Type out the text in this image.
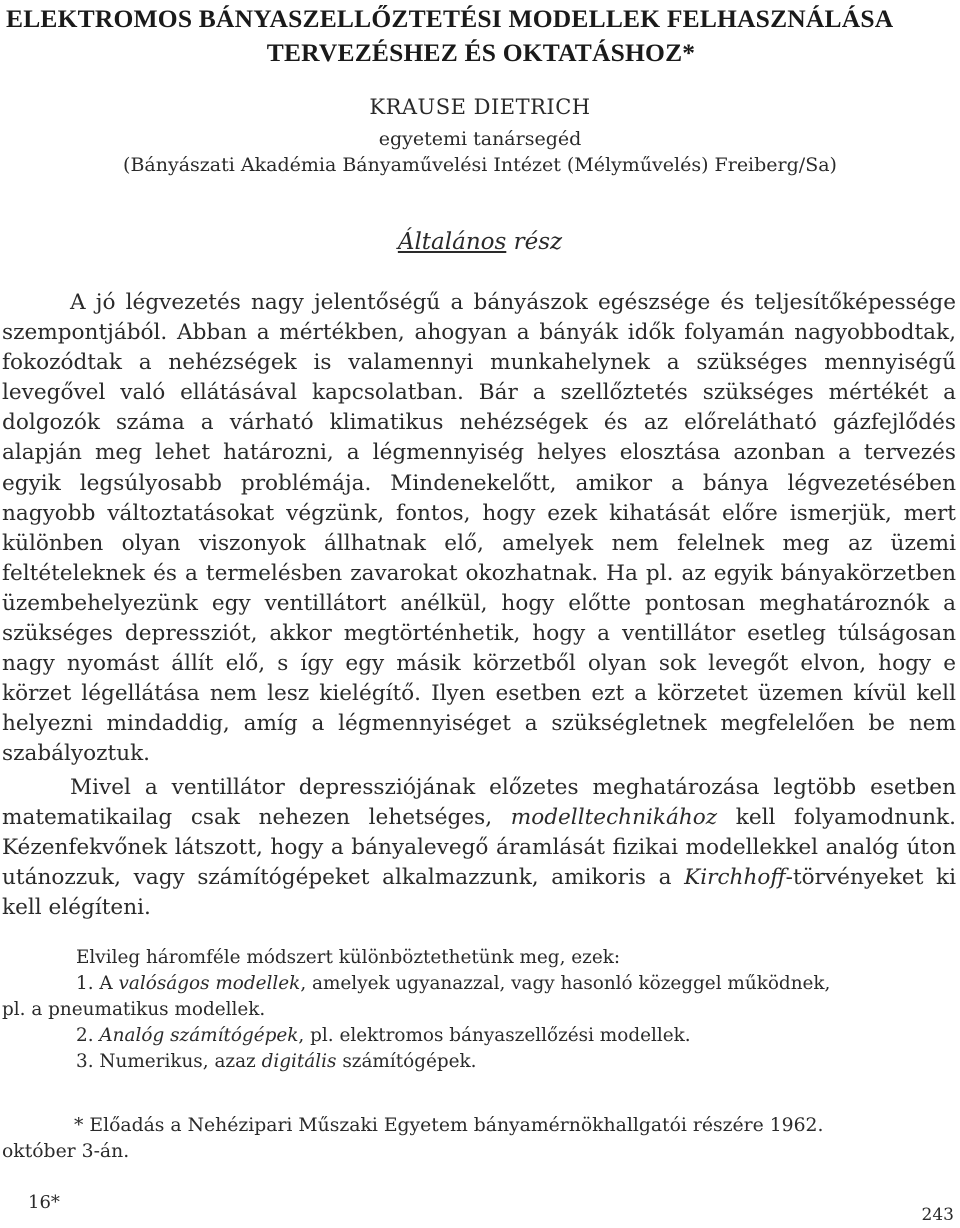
ELEKTROMOS BÁNYASZELLŐZTETÉSI MODELLEK FELHASZNÁLÁSA
TERVEZÉSHEZ ÉS OKTATÁSHOZ*
KRAUSE DIETRICH
egyetemi tanársegéd
(Bányászati Akadémia Bányaművelési Intézet (Mélyművelés) Freiberg/Sa)
Általános rész
A jó légvezetés nagy jelentőségű a bányászok egészsége és teljesítőképessége szempontjából. Abban a mértékben, ahogyan a bányák idők folyamán nagyobbodtak, fokozódtak a nehézségek is valamennyi munkahelynek a szükséges mennyiségű levegővel való ellátásával kapcsolatban. Bár a szellőztetés szükséges mértékét a dolgozók száma a várható klimatikus nehézségek és az előrelátható gázfejlődés alapján meg lehet határozni, a légmennyiség helyes elosztása azonban a tervezés egyik legsúlyosabb problémája. Mindenekelőtt, amikor a bánya légvezetésében nagyobb változtatásokat végzünk, fontos, hogy ezek kihatását előre ismerjük, mert különben olyan viszonyok állhatnak elő, amelyek nem felelnek meg az üzemi feltételeknek és a termelésben zavarokat okozhatnak. Ha pl. az egyik bányakörzetben üzembehelyezünk egy ventillátort anélkül, hogy előtte pontosan meghatároznók a szükséges depressziót, akkor megtörténhetik, hogy a ventillátor esetleg túlságosan nagy nyomást állít elő, s így egy másik körzetből olyan sok levegőt elvon, hogy e körzet légellátása nem lesz kielégítő. Ilyen esetben ezt a körzetet üzemen kívül kell helyezni mindaddig, amíg a légmennyiséget a szükségletnek megfelelően be nem szabályoztuk.
Mivel a ventillátor depressziójának előzetes meghatározása legtöbb esetben matematikailag csak nehezen lehetséges, modelltechnikához kell folyamodnunk. Kézenfekvőnek látszott, hogy a bányalevegő áramlását fizikai modellekkel analóg úton utánozzuk, vagy számítógépeket alkalmazzunk, amikoris a Kirchhoff-törvényeket ki kell elégíteni.
Elvileg háromféle módszert különböztethetünk meg, ezek:
1. A valóságos modellek, amelyek ugyanazzal, vagy hasonló közeggel működnek,
pl. a pneumatikus modellek.
2. Analóg számítógépek, pl. elektromos bányaszellőzési modellek.
3. Numerikus, azaz digitális számítógépek.
* Előadás a Nehézipari Műszaki Egyetem bányamérnökhallgatói részére 1962.
október 3-án.
16*
243
